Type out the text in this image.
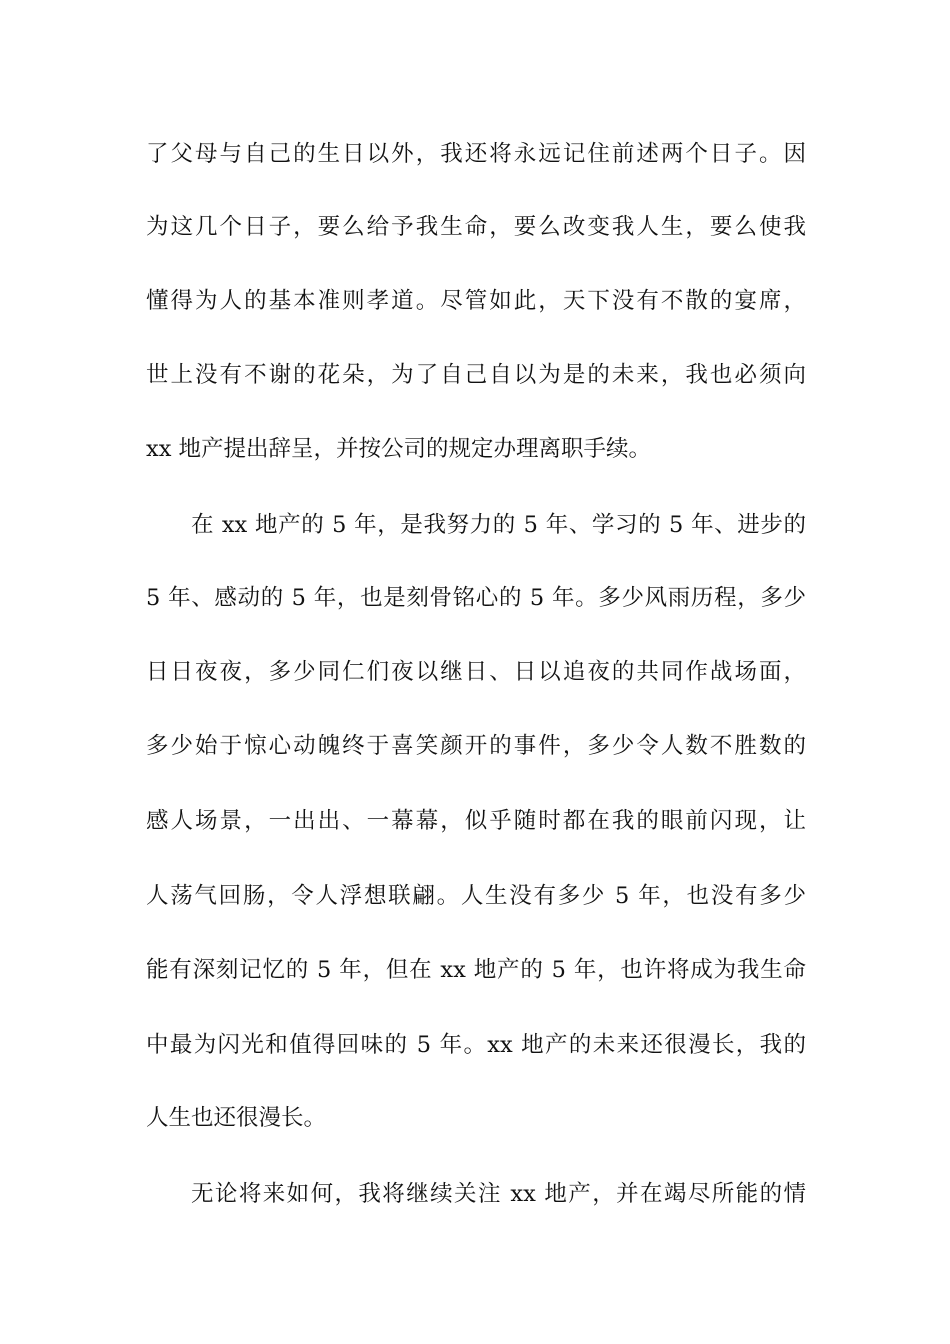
了父母与自己的生日以外，我还将永远记住前述两个日子。因
为这几个日子，要么给予我生命，要么改变我人生，要么使我
懂得为人的基本准则孝道。尽管如此，天下没有不散的宴席，
世上没有不谢的花朵，为了自己自以为是的未来，我也必须向
xx 地产提出辞呈，并按公司的规定办理离职手续。
在 xx 地产的 5 年，是我努力的 5 年、学习的 5 年、进步的
5 年、感动的 5 年，也是刻骨铭心的 5 年。多少风雨历程，多少
日日夜夜，多少同仁们夜以继日、日以追夜的共同作战场面，
多少始于惊心动魄终于喜笑颜开的事件，多少令人数不胜数的
感人场景，一出出、一幕幕，似乎随时都在我的眼前闪现，让
人荡气回肠，令人浮想联翩。人生没有多少 5 年，也没有多少
能有深刻记忆的 5 年，但在 xx 地产的 5 年，也许将成为我生命
中最为闪光和值得回味的 5 年。xx 地产的未来还很漫长，我的
人生也还很漫长。
无论将来如何，我将继续关注 xx 地产，并在竭尽所能的情
